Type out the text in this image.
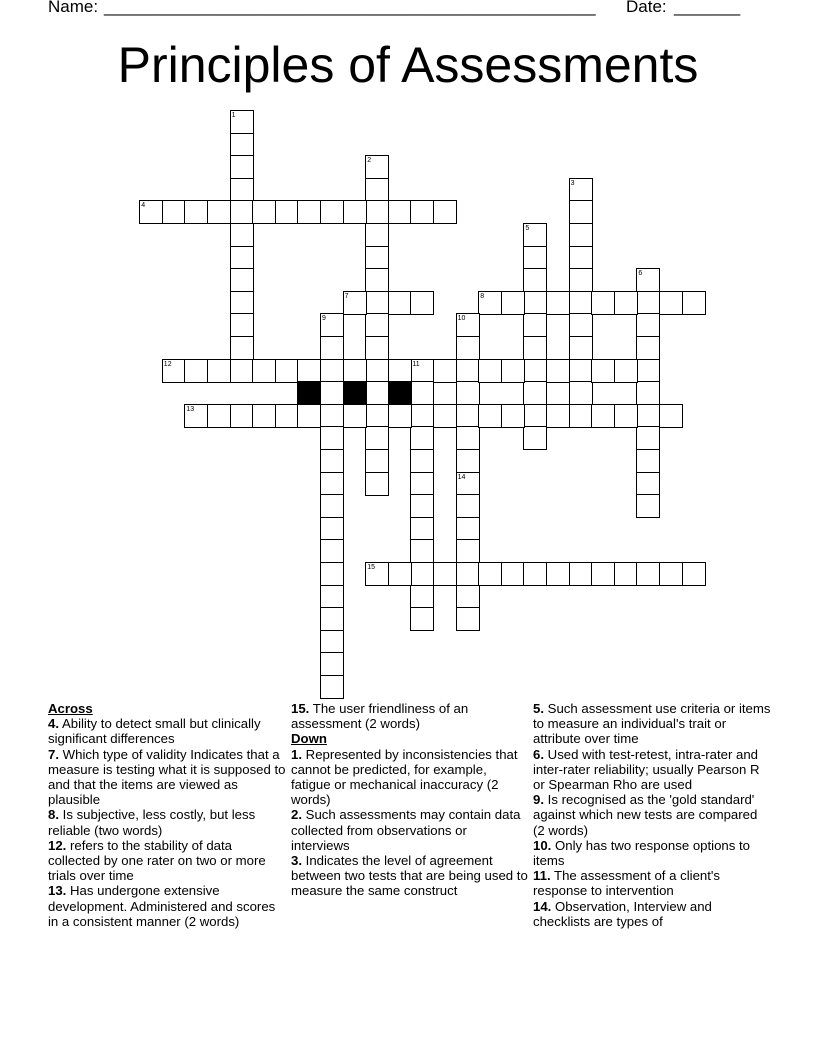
Name: ____________________________________________________ Date: _______
Principles of Assessments
1
2
3
4
5
6
7	8
9	10
11
12
13
14
15
Across
4. Ability to detect small but clinically significant differences
7. Which type of validity Indicates that a measure is testing what it is supposed to and that the items are viewed as plausible
8. Is subjective, less costly, but less reliable (two words)
12. refers to the stability of data collected by one rater on two or more trials over time
13. Has undergone extensive development. Administered and scores in a consistent manner (2 words)
15. The user friendliness of an assessment (2 words)
Down
1. Represented by inconsistencies that cannot be predicted, for example, fatigue or mechanical inaccuracy (2 words)
2. Such assessments may contain data collected from observations or interviews
3. Indicates the level of agreement between two tests that are being used to measure the same construct
5. Such assessment use criteria or items to measure an individual's trait or attribute over time
6. Used with test-retest, intra-rater and inter-rater reliability; usually Pearson R or Spearman Rho are used
9. Is recognised as the 'gold standard' against which new tests are compared (2 words)
10. Only has two response options to items
11. The assessment of a client's response to intervention
14. Observation, Interview and checklists are types of
